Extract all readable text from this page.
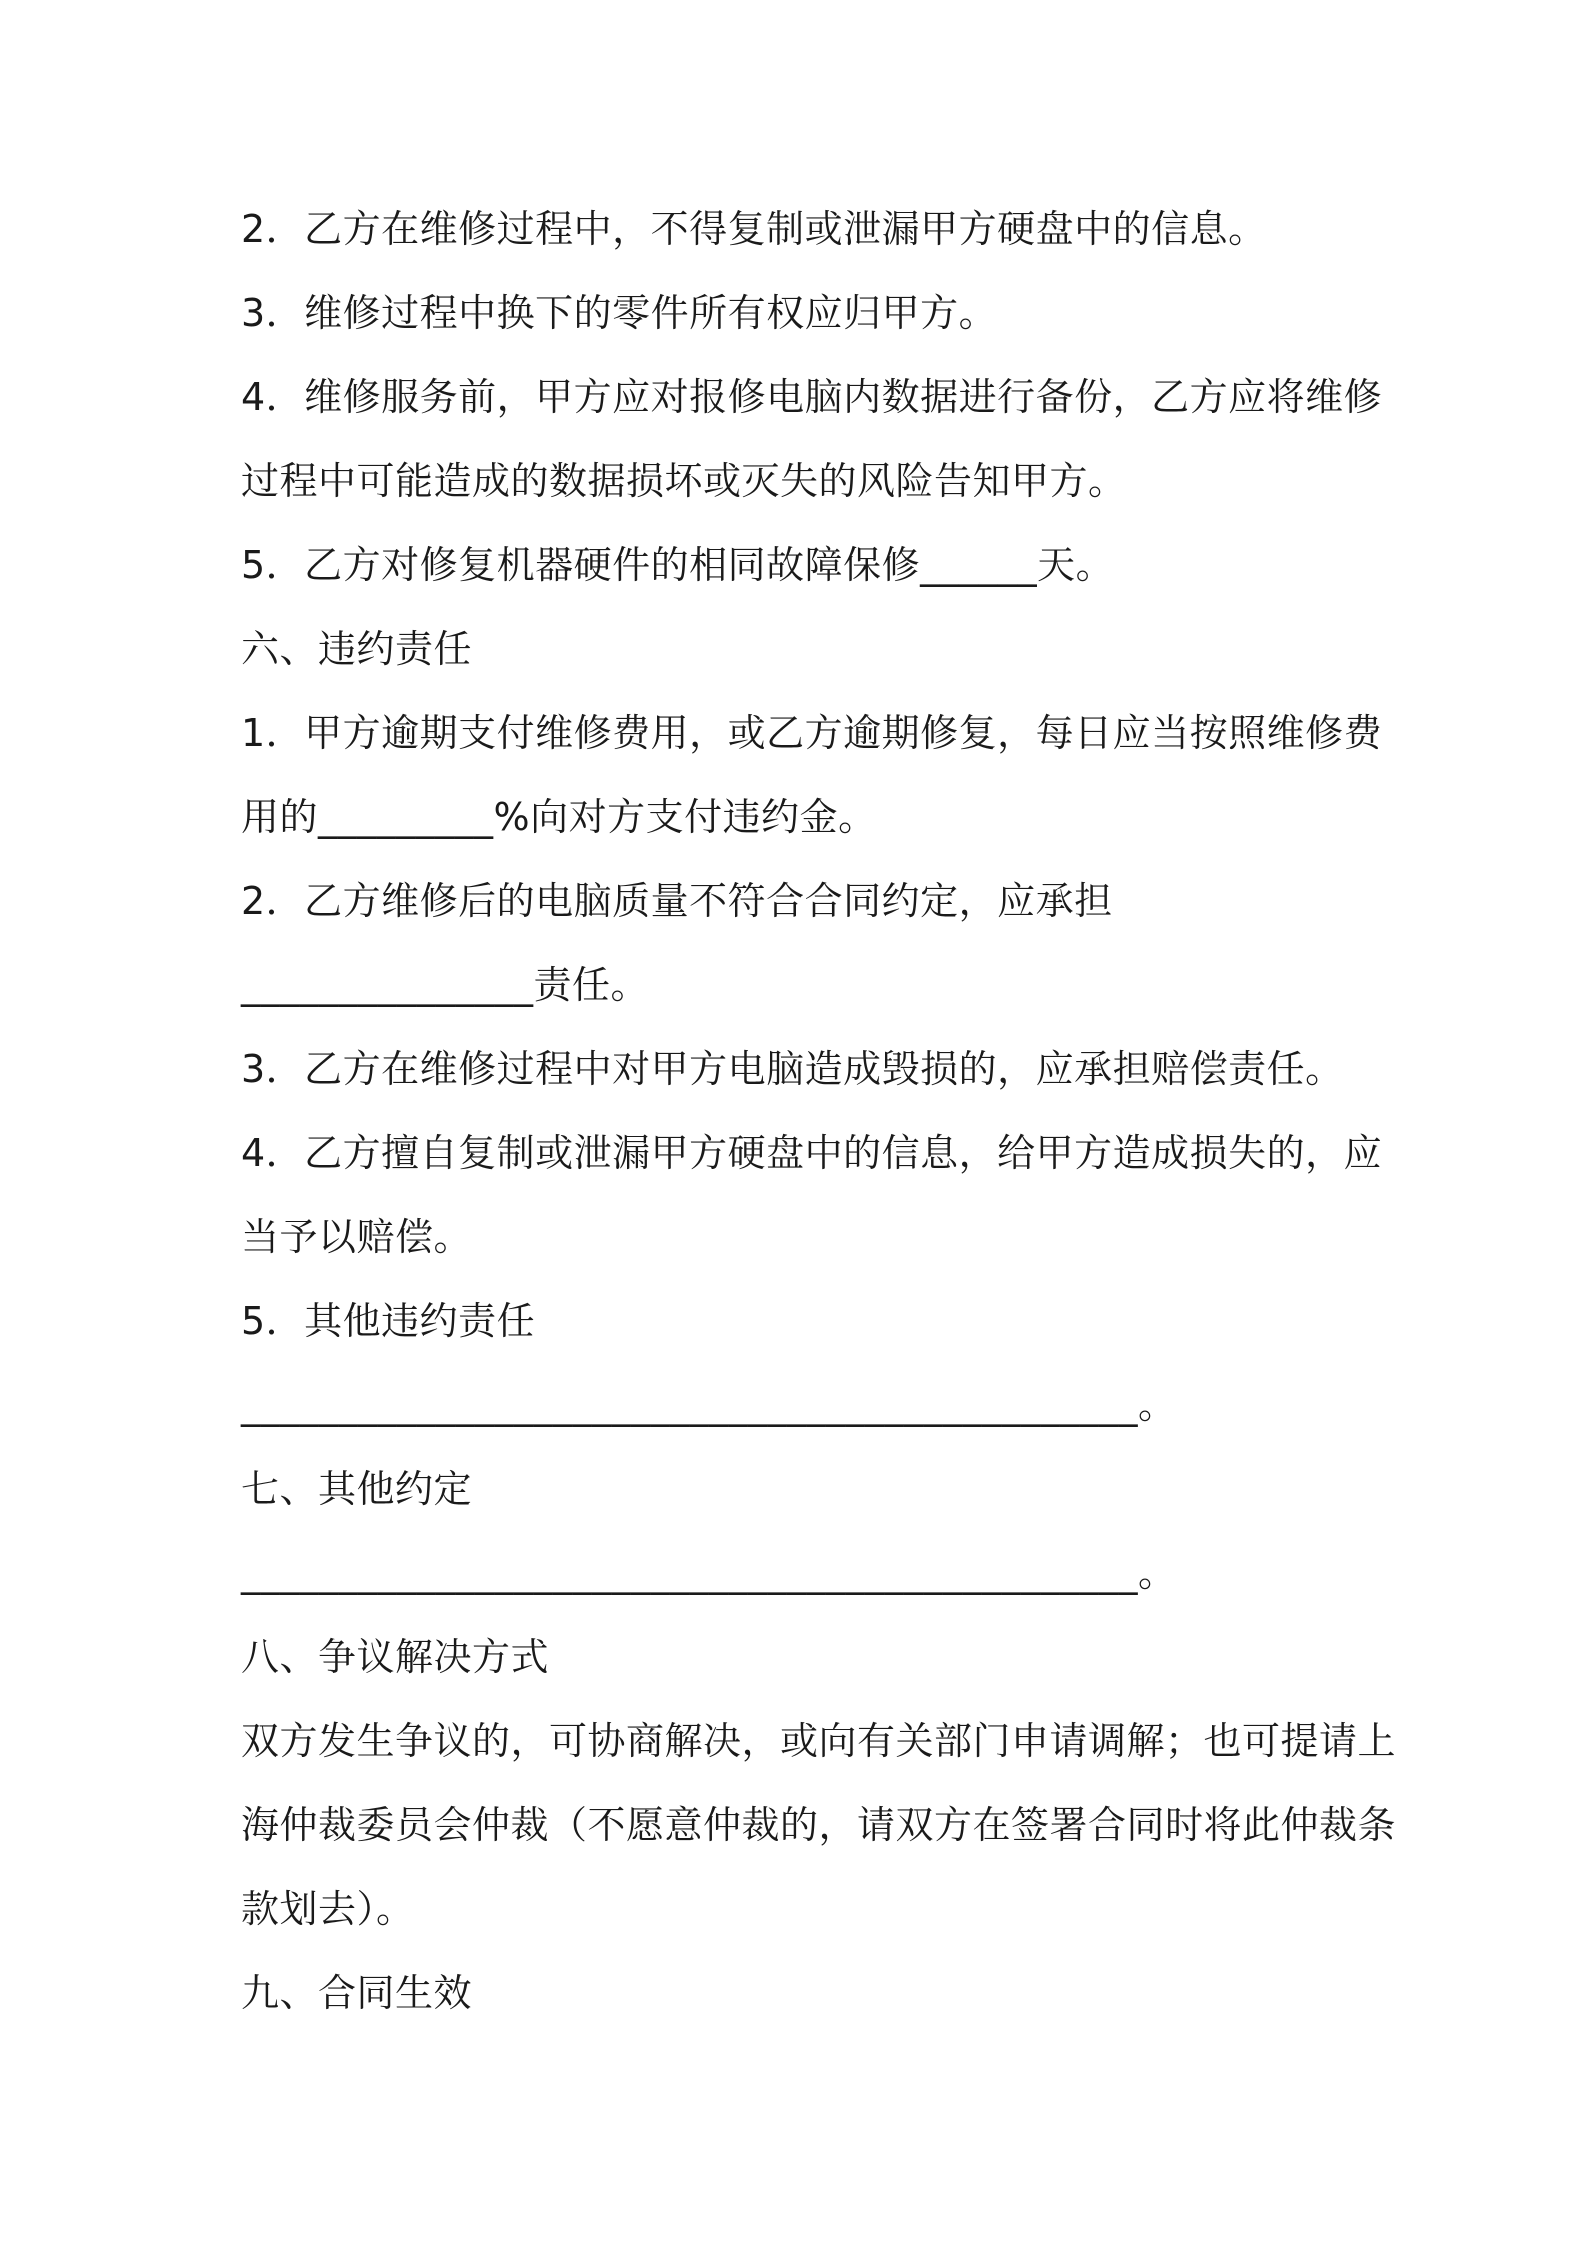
2．乙方在维修过程中，不得复制或泄漏甲方硬盘中的信息。
3．维修过程中换下的零件所有权应归甲方。
4．维修服务前，甲方应对报修电脑内数据进行备份，乙方应将维修
过程中可能造成的数据损坏或灭失的风险告知甲方。
5．乙方对修复机器硬件的相同故障保修______天。
六、违约责任
1．甲方逾期支付维修费用，或乙方逾期修复，每日应当按照维修费
用的_________%向对方支付违约金。
2．乙方维修后的电脑质量不符合合同约定，应承担
_______________责任。
3．乙方在维修过程中对甲方电脑造成毁损的，应承担赔偿责任。
4．乙方擅自复制或泄漏甲方硬盘中的信息，给甲方造成损失的，应
当予以赔偿。
5．其他违约责任
______________________________________________。
七、其他约定
______________________________________________。
八、争议解决方式
双方发生争议的，可协商解决，或向有关部门申请调解；也可提请上
海仲裁委员会仲裁（不愿意仲裁的，请双方在签署合同时将此仲裁条
款划去）。
九、合同生效
